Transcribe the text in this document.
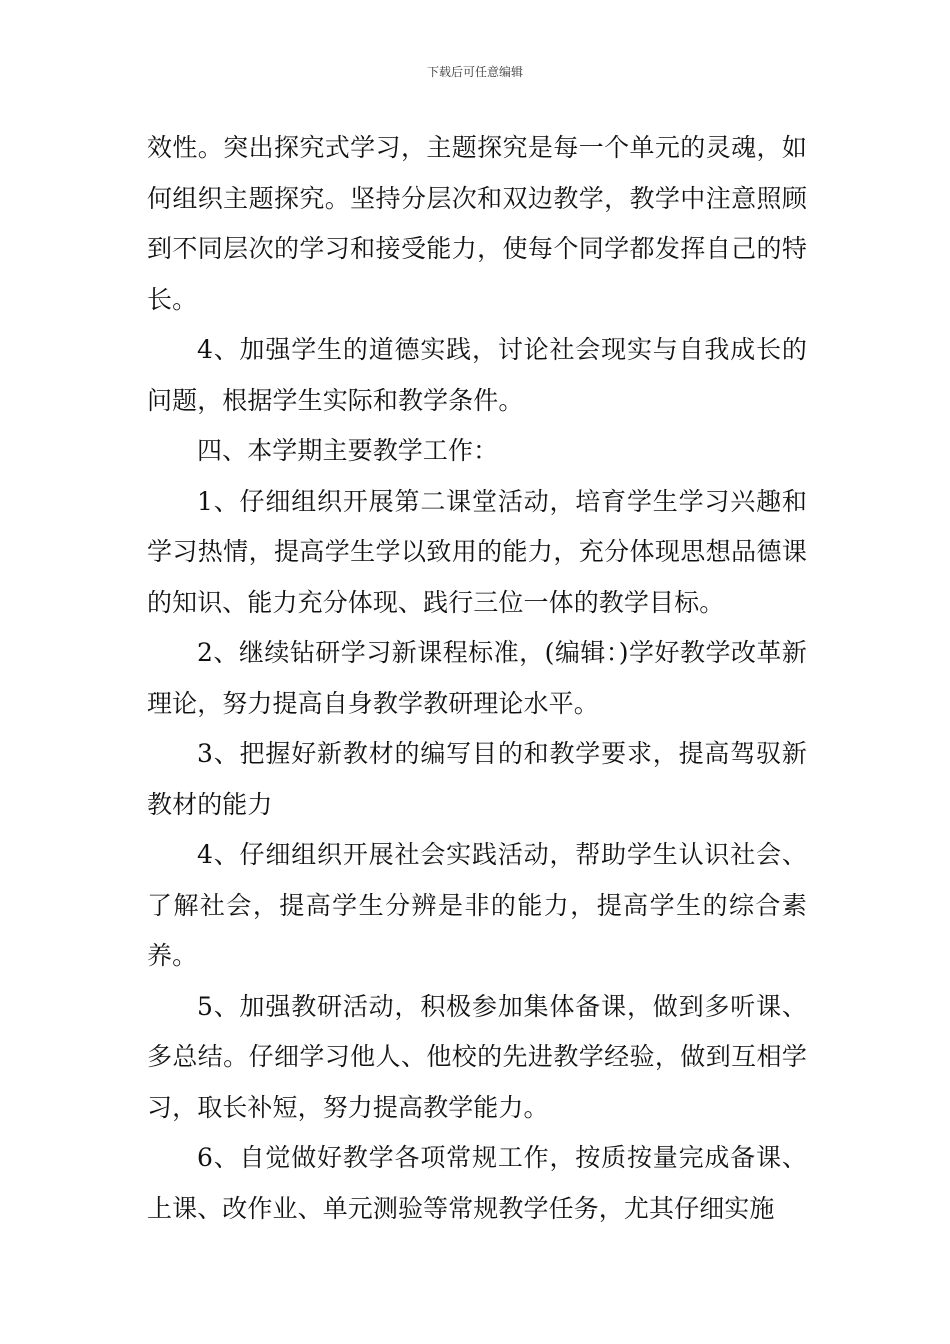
下载后可任意编辑

效性。突出探究式学习，主题探究是每一个单元的灵魂，如何组织主题探究。坚持分层次和双边教学，教学中注意照顾到不同层次的学习和接受能力，使每个同学都发挥自己的特长。

4、加强学生的道德实践，讨论社会现实与自我成长的问题，根据学生实际和教学条件。

四、本学期主要教学工作：

1、仔细组织开展第二课堂活动，培育学生学习兴趣和学习热情，提高学生学以致用的能力，充分体现思想品德课的知识、能力充分体现、践行三位一体的教学目标。

2、继续钻研学习新课程标准，(编辑：)学好教学改革新理论，努力提高自身教学教研理论水平。

3、把握好新教材的编写目的和教学要求，提高驾驭新教材的能力

4、仔细组织开展社会实践活动，帮助学生认识社会、了解社会，提高学生分辨是非的能力，提高学生的综合素养。

5、加强教研活动，积极参加集体备课，做到多听课、多总结。仔细学习他人、他校的先进教学经验，做到互相学习，取长补短，努力提高教学能力。

6、自觉做好教学各项常规工作，按质按量完成备课、上课、改作业、单元测验等常规教学任务，尤其仔细实施
